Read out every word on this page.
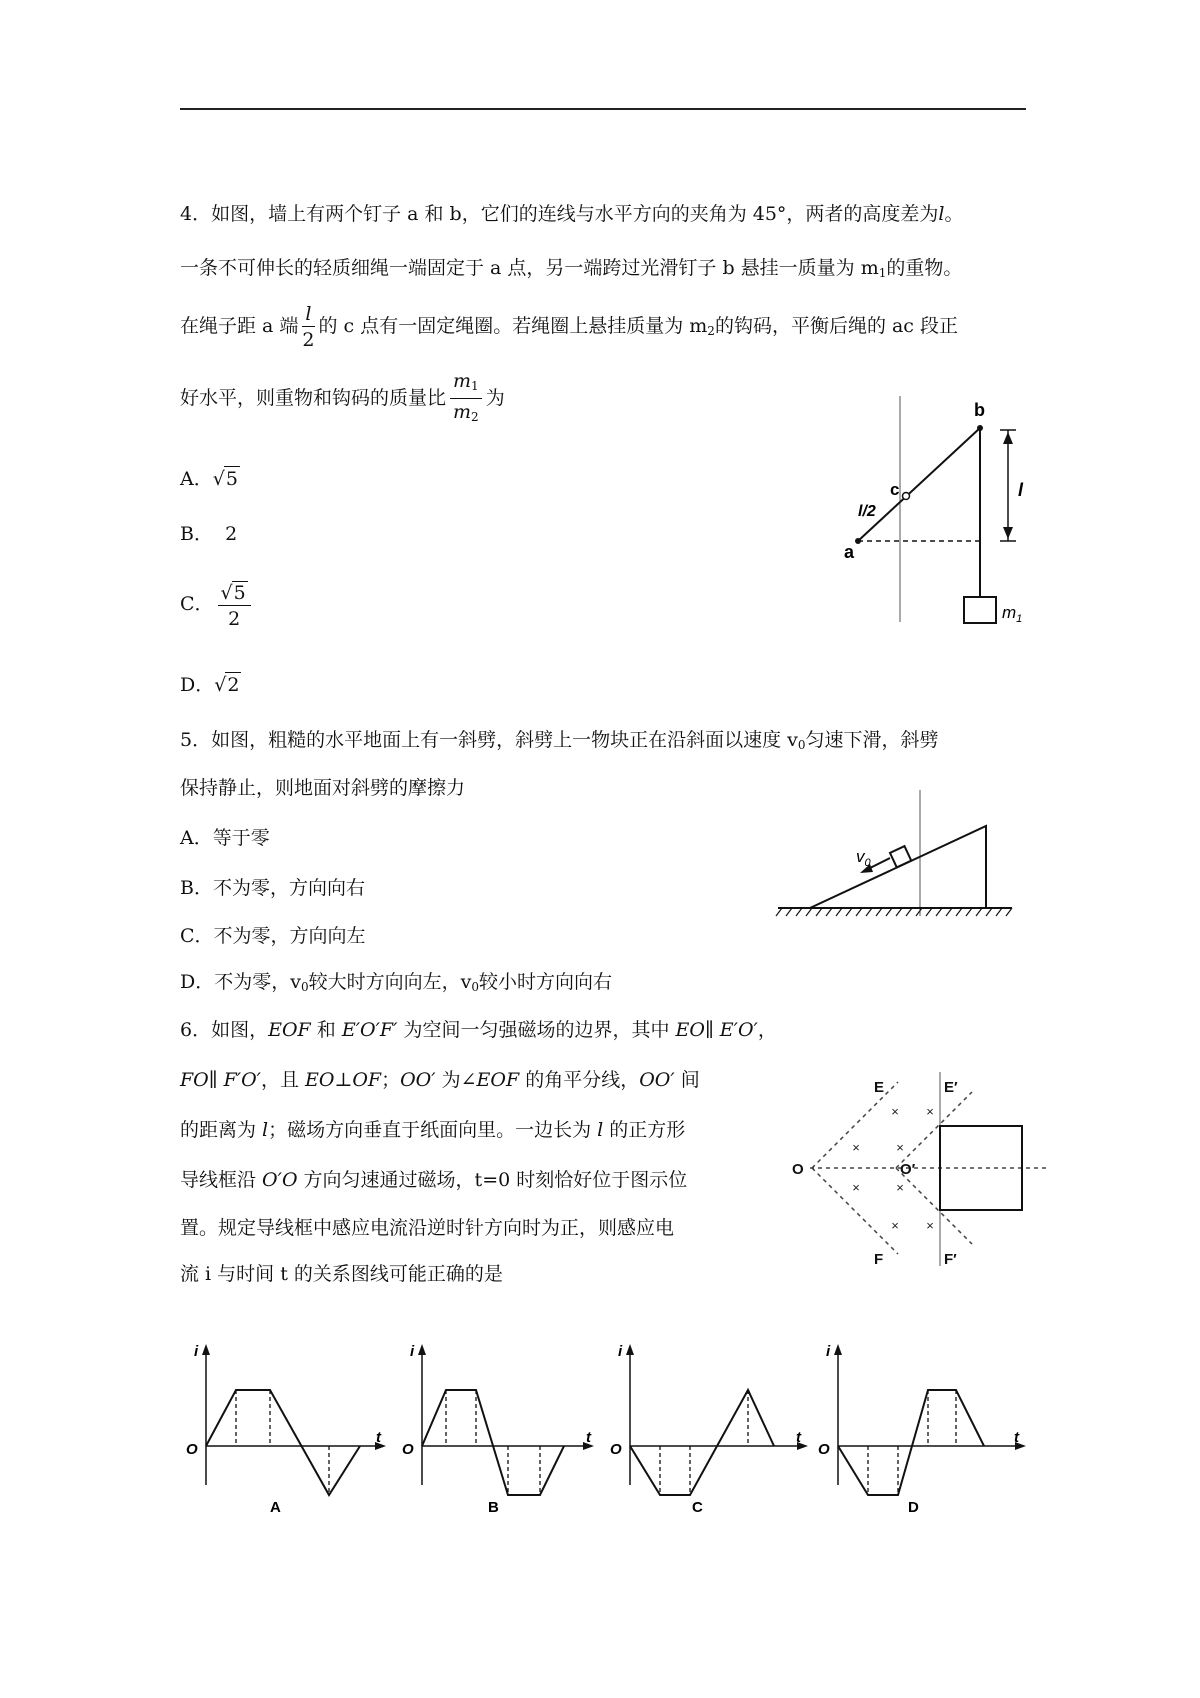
4．如图，墙上有两个钉子 a 和 b，它们的连线与水平方向的夹角为 45°，两者的高度差为l。
一条不可伸长的轻质细绳一端固定于 a 点，另一端跨过光滑钉子 b 悬挂一质量为 $m_1$的重物。
在绳子距 a 端 $\frac{l}{2}$ 的 c 点有一固定绳圈。若绳圈上悬挂质量为 $m_2$的钩码，平衡后绳的 ac 段正
好水平，则重物和钩码的质量比 $\frac{m_1}{m_2}$ 为
A．√5
B． 2
C． $\frac{√5}{2}$
D．√2
b
c
a
l/2
l
$m_1$
5．如图，粗糙的水平地面上有一斜劈，斜劈上一物块正在沿斜面以速度 $v_0$匀速下滑，斜劈
保持静止，则地面对斜劈的摩擦力
A．等于零
B．不为零，方向向右
C．不为零，方向向左
D．不为零，$v_0$较大时方向向左，$v_0$较小时方向向右
$v_0$
6．如图，EOF 和 E′O′F′ 为空间一匀强磁场的边界，其中 EO∥ E′O′，
FO∥ F′O′，且 EO⊥OF；OO′ 为∠EOF 的角平分线，OO′ 间
的距离为 l；磁场方向垂直于纸面向里。一边长为 l 的正方形
导线框沿 O′O 方向匀速通过磁场，t=0 时刻恰好位于图示位
置。规定导线框中感应电流沿逆时针方向时为正，则感应电
流 i 与时间 t 的关系图线可能正确的是
× ×
×	×
×	×
× ×
E	E′
O	O′
F	F′
i
t
O
A
i
t
O
B
i
t
O
C
i
t
O
D
